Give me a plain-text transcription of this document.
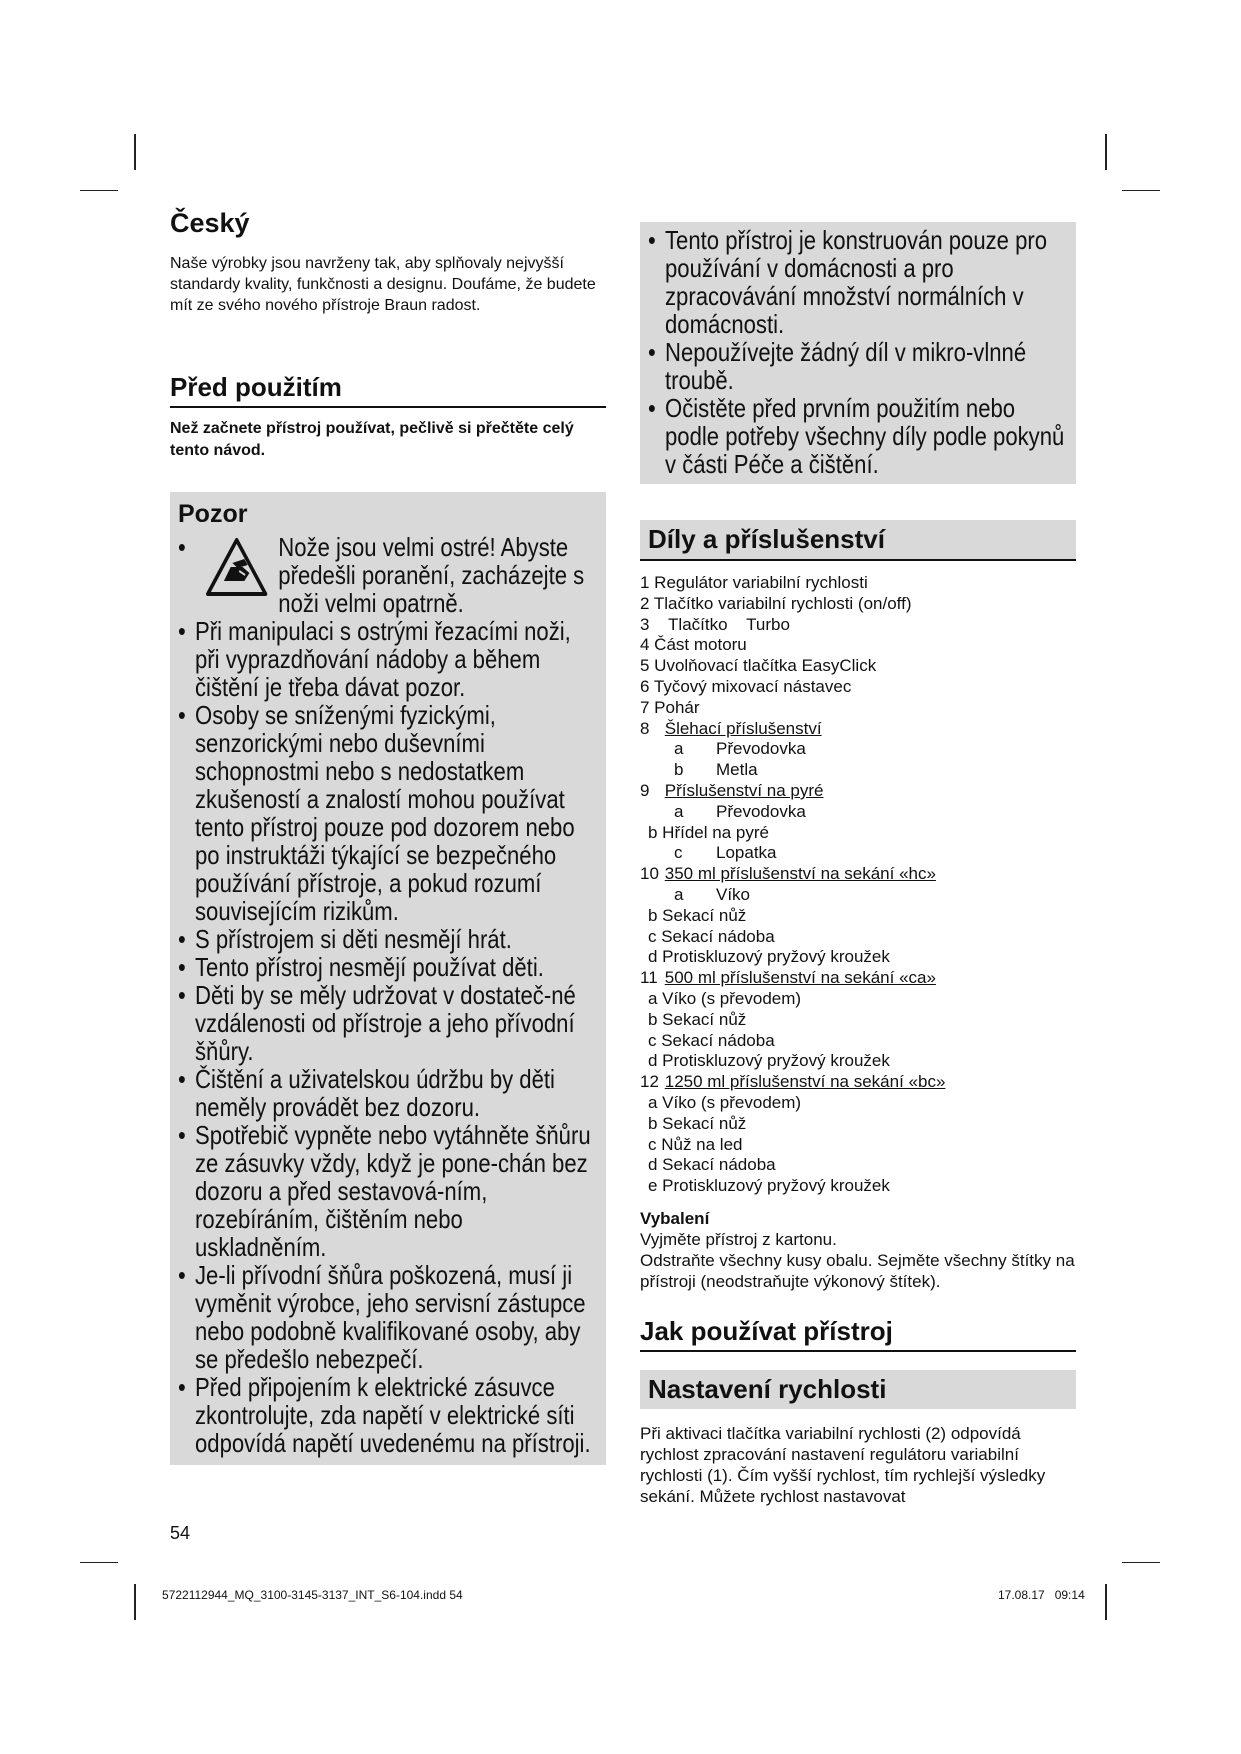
Český

Naše výrobky jsou navrženy tak, aby splňovaly nejvyšší standardy kvality, funkčnosti a designu. Doufáme, že budete mít ze svého nového přístroje Braun radost.

Před použitím

Než začnete přístroj používat, pečlivě si přečtěte celý tento návod.

Pozor
• Nože jsou velmi ostré! Abyste předešli poranění, zacházejte s noži velmi opatrně.
• Při manipulaci s ostrými řezacími noži, při vyprazdňování nádoby a během čištění je třeba dávat pozor.
• Osoby se sníženými fyzickými, senzorickými nebo duševními schopnostmi nebo s nedostatkem zkušeností a znalostí mohou používat tento přístroj pouze pod dozorem nebo po instruktáži týkající se bezpečného používání přístroje, a pokud rozumí souvisejícím rizikům.
• S přístrojem si děti nesmějí hrát.
• Tento přístroj nesmějí používat děti.
• Děti by se měly udržovat v dostateč-né vzdálenosti od přístroje a jeho přívodní šňůry.
• Čištění a uživatelskou údržbu by děti neměly provádět bez dozoru.
• Spotřebič vypněte nebo vytáhněte šňůru ze zásuvky vždy, když je pone-chán bez dozoru a před sestavová-ním, rozebíráním, čištěním nebo uskladněním.
• Je-li přívodní šňůra poškozená, musí ji vyměnit výrobce, jeho servisní zástupce nebo podobně kvalifikované osoby, aby se předešlo nebezpečí.
• Před připojením k elektrické zásuvce zkontrolujte, zda napětí v elektrické síti odpovídá napětí uvedenému na přístroji.
54
• Tento přístroj je konstruován pouze pro používání v domácnosti a pro zpracovávání množství normálních v domácnosti.
• Nepoužívejte žádný díl v mikro-vlnné troubě.
• Očistěte před prvním použitím nebo podle potřeby všechny díly podle pokynů v části Péče a čištění.
Díly a příslušenství
1 Regulátor variabilní rychlosti
2 Tlačítko variabilní rychlosti (on/off)
3    Tlačítko    Turbo
4 Část motoru
5 Uvolňovací tlačítka EasyClick
6 Tyčový mixovací nástavec
7 Pohár
8 Šlehací příslušenství
a Převodovka
b Metla
9 Příslušenství na pyré
a Převodovka
b Hřídel na pyré
c Lopatka
10 350 ml příslušenství na sekání «hc»
a Víko
b Sekací nůž
c Sekací nádoba
d Protiskluzový pryžový kroužek
11 500 ml příslušenství na sekání «ca»
a Víko (s převodem)
b Sekací nůž
c Sekací nádoba
d Protiskluzový pryžový kroužek
12 1250 ml příslušenství na sekání «bc»
a Víko (s převodem)
b Sekací nůž
c Nůž na led
d Sekací nádoba
e Protiskluzový pryžový kroužek
Vybalení

Vyjměte přístroj z kartonu.

Odstraňte všechny kusy obalu. Sejměte všechny štítky na přístroji (neodstraňujte výkonový štítek).

Jak používat přístroj
Nastavení rychlosti

Při aktivaci tlačítka variabilní rychlosti (2) odpovídá rychlost zpracování nastavení regulátoru variabilní rychlosti (1). Čím vyšší rychlost, tím rychlejší výsledky sekání. Můžete rychlost nastavovat

5722112944_MQ_3100-3145-3137_INT_S6-104.indd 54	17.08.17   09:14
